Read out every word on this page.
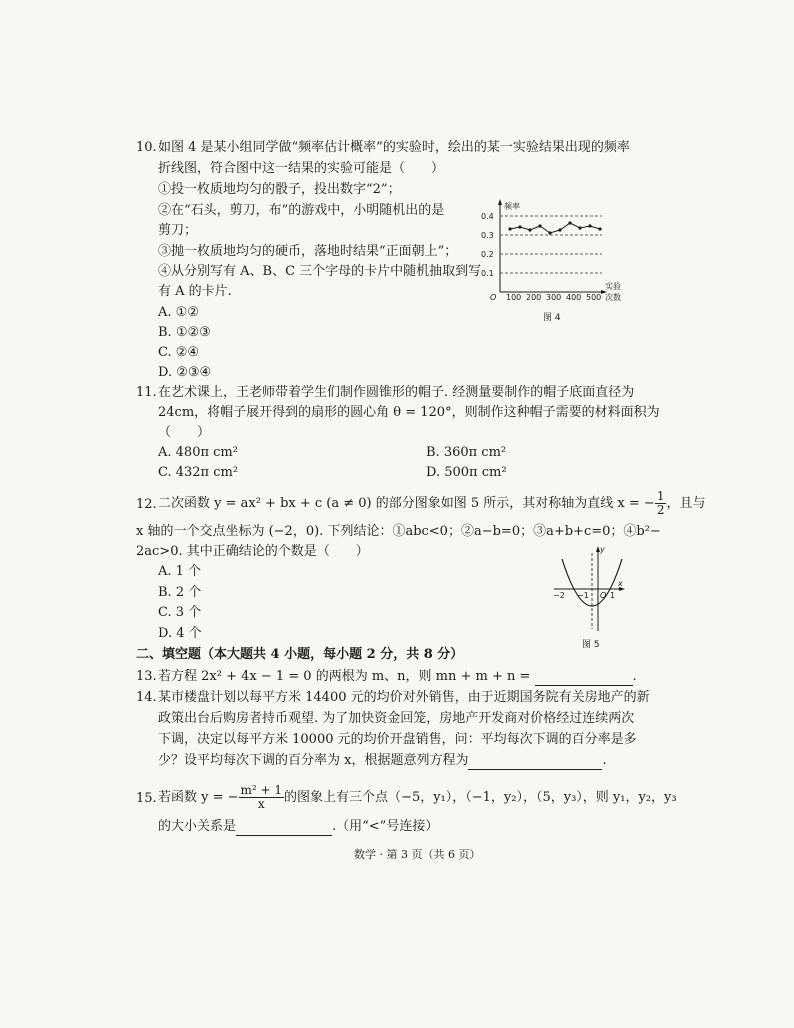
10. 如图 4 是某小组同学做“频率估计概率”的实验时，绘出的某一实验结果出现的频率
折线图，符合图中这一结果的实验可能是（　　）
①投一枚质地均匀的骰子，投出数字“2”；
②在“石头，剪刀，布”的游戏中，小明随机出的是
剪刀；
③抛一枚质地均匀的硬币，落地时结果“正面朝上”；
④从分别写有 A、B、C 三个字母的卡片中随机抽取到写
有 A 的卡片.
A. ①②
B. ①②③
C. ②④
D. ②③④
频率
0.4
0.3
0.2
0.1
O 100 200 300 400 500
实验
次数
图 4
11. 在艺术课上，王老师带着学生们制作圆锥形的帽子. 经测量要制作的帽子底面直径为
24cm，将帽子展开得到的扇形的圆心角 θ = 120°，则制作这种帽子需要的材料面积为
（　　）
A. 480π cm²	B. 360π cm²
C. 432π cm²	D. 500π cm²
12. 二次函数 y = ax² + bx + c (a ≠ 0) 的部分图象如图 5 所示，其对称轴为直线 x = − $\frac{1}{2}$ ，且与
x 轴的一个交点坐标为 (−2，0). 下列结论：①abc<0；②a−b=0；③a+b+c=0；④b²−
2ac>0. 其中正确结论的个数是（　　）
A. 1 个
B. 2 个
C. 3 个
D. 4 个
y
x
−2 −1 O 1
图 5
二、填空题（本大题共 4 小题，每小题 2 分，共 8 分）
13. 若方程 2x² + 4x − 1 = 0 的两根为 m、n，则 mn + m + n =	.
14. 某市楼盘计划以每平方米 14400 元的均价对外销售，由于近期国务院有关房地产的新
政策出台后购房者持币观望. 为了加快资金回笼，房地产开发商对价格经过连续两次
下调，决定以每平方米 10000 元的均价开盘销售，问：平均每次下调的百分率是多
少？设平均每次下调的百分率为 x，根据题意列方程为	.
15. 若函数 y = − $\frac{\text{m² + 1}}{x}$ 的图象上有三个点（−5，y₁），（−1，y₂），（5，y₃），则 y₁，y₂，y₃
的大小关系是	.（用“<”号连接）
数学 · 第 3 页（共 6 页）
